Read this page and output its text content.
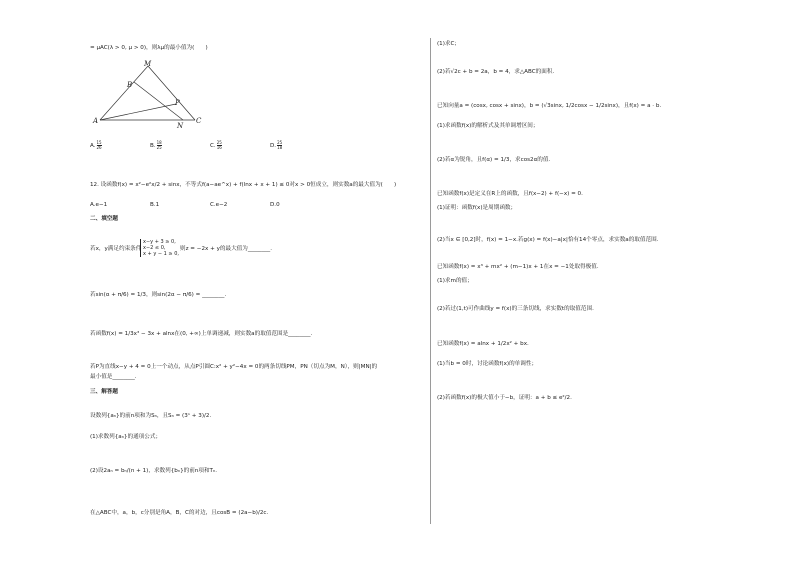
= μAC(λ > 0, μ > 0)，则λμ的最小值为(　　)
M
B
P
A
N
C
A. $\frac{15}{26}$	B. $\frac{18}{25}$	C. $\frac{25}{16}$	D. $\frac{25}{18}$
12. 设函数f(x) = x²−e²x/2 + sinx，不等式f(a−ae^x) + f(lnx + x + 1) ≤ 0对x > 0恒成立，则实数a的最大值为(　　)
A.e−1	B.1	C.e−2	D.0
二、填空题
若x，y满足约束条件
x−y + 3 ≥ 0,
x−2 ≤ 0,
x + y − 1 ≥ 0,
则z = −2x + y的最大值为________.
若sin(α + π/6) = 1/3，则sin(2α − π/6) = ________.
若函数f(x) = 1/3x³ − 3x + alnx在(0, +∞)上单调递减，则实数a的取值范围是________.
若P为直线x−y + 4 = 0上一个动点，从点P引圆C:x² + y²−4x = 0的两条切线PM，PN（切点为M，N），则|MN|的
最小值是________.
三、解答题
设数列{aₙ}的前n项和为Sₙ，且Sₙ = (3ⁿ + 3)/2.
(1)求数列{aₙ}的通项公式；
(2)设2aₙ = bₙ/(n + 1)，求数列{bₙ}的前n项和Tₙ.
在△ABC中，a，b，c分别是角A，B，C的对边，且cosB = (2a−b)/2c.
(1)求C；
(2)若√2c + b = 2a，b = 4，求△ABC的面积.
已知向量a = (cosx, cosx + sinx)，b = (√3sinx, 1/2cosx − 1/2sinx)，且f(x) = a · b.
(1)求函数f(x)的解析式及其单调增区间；
(2)若α为锐角，且f(α) = 1/3，求cos2α的值.
已知函数f(x)是定义在R上的函数，且f(x−2) + f(−x) = 0.
(1)证明：函数f(x)是周期函数；
(2)当x ∈ [0,2]时，f(x) = 1−x.若g(x) = f(x)−a|x|恰有14个零点，求实数a的取值范围.
已知函数f(x) = x³ + mx² + (m−1)x + 1在x = −1处取得极值.
(1)求m的值；
(2)若过(1,t)可作曲线y = f(x)的三条切线，求实数t的取值范围.
已知函数f(x) = alnx + 1/2x² + bx.
(1)当b = 0时，讨论函数f(x)的单调性；
(2)若函数f(x)的极大值小于−b，证明：a + b ≤ e²/2.
